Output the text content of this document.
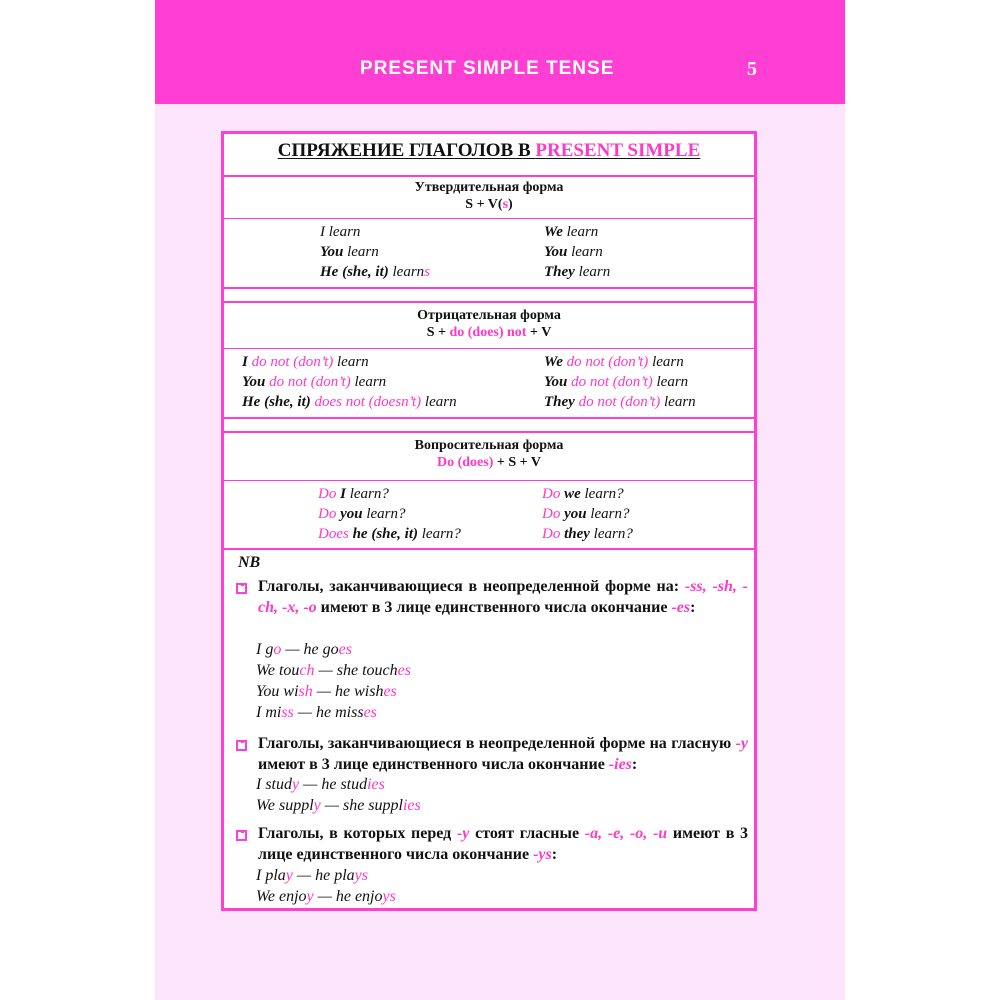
PRESENT SIMPLE TENSE	5
СПРЯЖЕНИЕ ГЛАГОЛОВ В PRESENT SIMPLE
Утвердительная форма
S + V(s)
I learn
You learn
He (she, it) learns
We learn
You learn
They learn
Отрицательная форма
S + do (does) not + V
I do not (don’t) learn
You do not (don’t) learn
He (she, it) does not (doesn’t) learn
We do not (don’t) learn
You do not (don’t) learn
They do not (don’t) learn
Вопросительная форма
Do (does) + S + V
Do I learn?
Do you learn?
Does he (she, it) learn?
Do we learn?
Do you learn?
Do they learn?
NB
Глаголы, заканчивающиеся в неопределенной форме на: -ss, -sh, -ch, -x, -o имеют в 3 лице единственного числа окончание -es:
I go — he goes
We touch — she touches
You wish — he wishes
I miss — he misses
Глаголы, заканчивающиеся в неопределенной форме на гласную -y имеют в 3 лице единственного числа окончание -ies:
I study — he studies
We supply — she supplies
Глаголы, в которых перед -y стоят гласные -a, -e, -o, -u имеют в 3 лице единственного числа окончание -ys:
I play — he plays
We enjoy — he enjoys
